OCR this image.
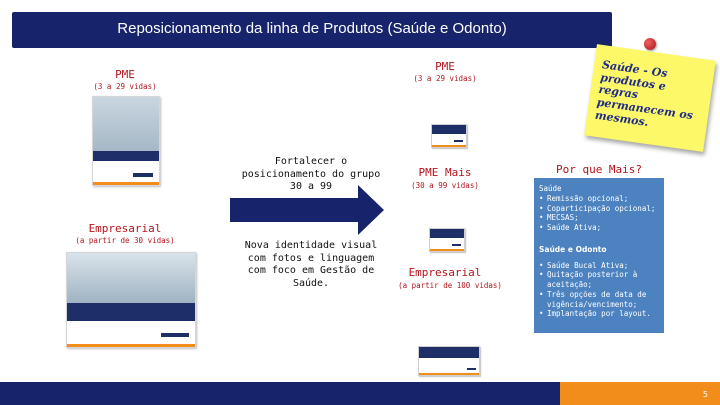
Reposicionamento da linha de Produtos (Saúde e Odonto)
PME
(3 a 29 vidas)
Empresarial
(a partir de 30 vidas)
Fortalecer o posicionamento do grupo 30 a 99
Nova identidade visual com fotos e linguagem com foco em Gestão de Saúde.
PME
(3 a 29 vidas)
PME Mais
(30 a 99 vidas)
Empresarial
(a partir de 100 vidas)
Saúde - Os produtos e regras permanecem os mesmos.
Por que Mais?
Saúde
• Remissão opcional;
• Coparticipação opcional;
• MECSAS;
• Saúde Ativa;
Saúde e Odonto
• Saúde Bucal Ativa;
• Quitação posterior à aceitação;
• Três opções de data de vigência/vencimento;
• Implantação por layout.
5
